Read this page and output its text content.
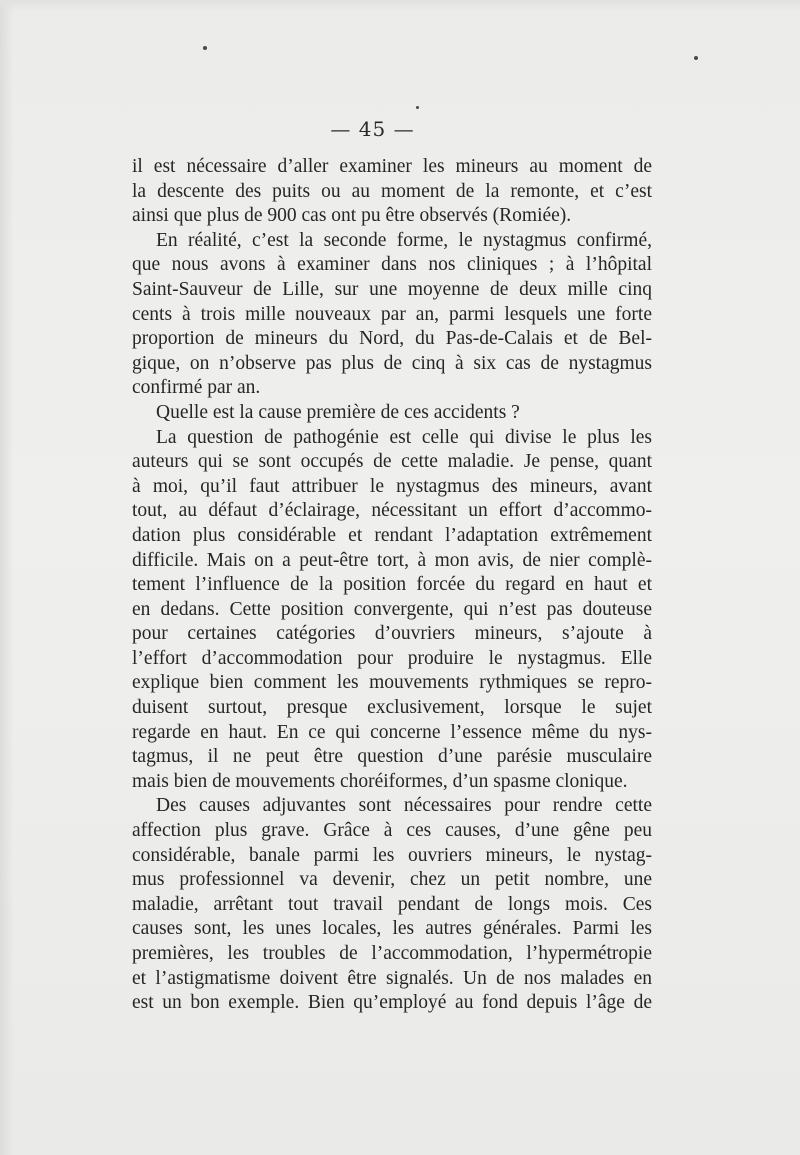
— 45 —
il est nécessaire d’aller examiner les mineurs au moment de
la descente des puits ou au moment de la remonte, et c’est
ainsi que plus de 900 cas ont pu être observés (Romiée).
En réalité, c’est la seconde forme, le nystagmus confirmé,
que nous avons à examiner dans nos cliniques ; à l’hôpital
Saint-Sauveur de Lille, sur une moyenne de deux mille cinq
cents à trois mille nouveaux par an, parmi lesquels une forte
proportion de mineurs du Nord, du Pas-de-Calais et de Bel-
gique, on n’observe pas plus de cinq à six cas de nystagmus
confirmé par an.
Quelle est la cause première de ces accidents ?
La question de pathogénie est celle qui divise le plus les
auteurs qui se sont occupés de cette maladie. Je pense, quant
à moi, qu’il faut attribuer le nystagmus des mineurs, avant
tout, au défaut d’éclairage, nécessitant un effort d’accommo-
dation plus considérable et rendant l’adaptation extrêmement
difficile. Mais on a peut-être tort, à mon avis, de nier complè-
tement l’influence de la position forcée du regard en haut et
en dedans. Cette position convergente, qui n’est pas douteuse
pour certaines catégories d’ouvriers mineurs, s’ajoute à
l’effort d’accommodation pour produire le nystagmus. Elle
explique bien comment les mouvements rythmiques se repro-
duisent surtout, presque exclusivement, lorsque le sujet
regarde en haut. En ce qui concerne l’essence même du nys-
tagmus, il ne peut être question d’une parésie musculaire
mais bien de mouvements choréiformes, d’un spasme clonique.
Des causes adjuvantes sont nécessaires pour rendre cette
affection plus grave. Grâce à ces causes, d’une gêne peu
considérable, banale parmi les ouvriers mineurs, le nystag-
mus professionnel va devenir, chez un petit nombre, une
maladie, arrêtant tout travail pendant de longs mois. Ces
causes sont, les unes locales, les autres générales. Parmi les
premières, les troubles de l’accommodation, l’hypermétropie
et l’astigmatisme doivent être signalés. Un de nos malades en
est un bon exemple. Bien qu’employé au fond depuis l’âge de
